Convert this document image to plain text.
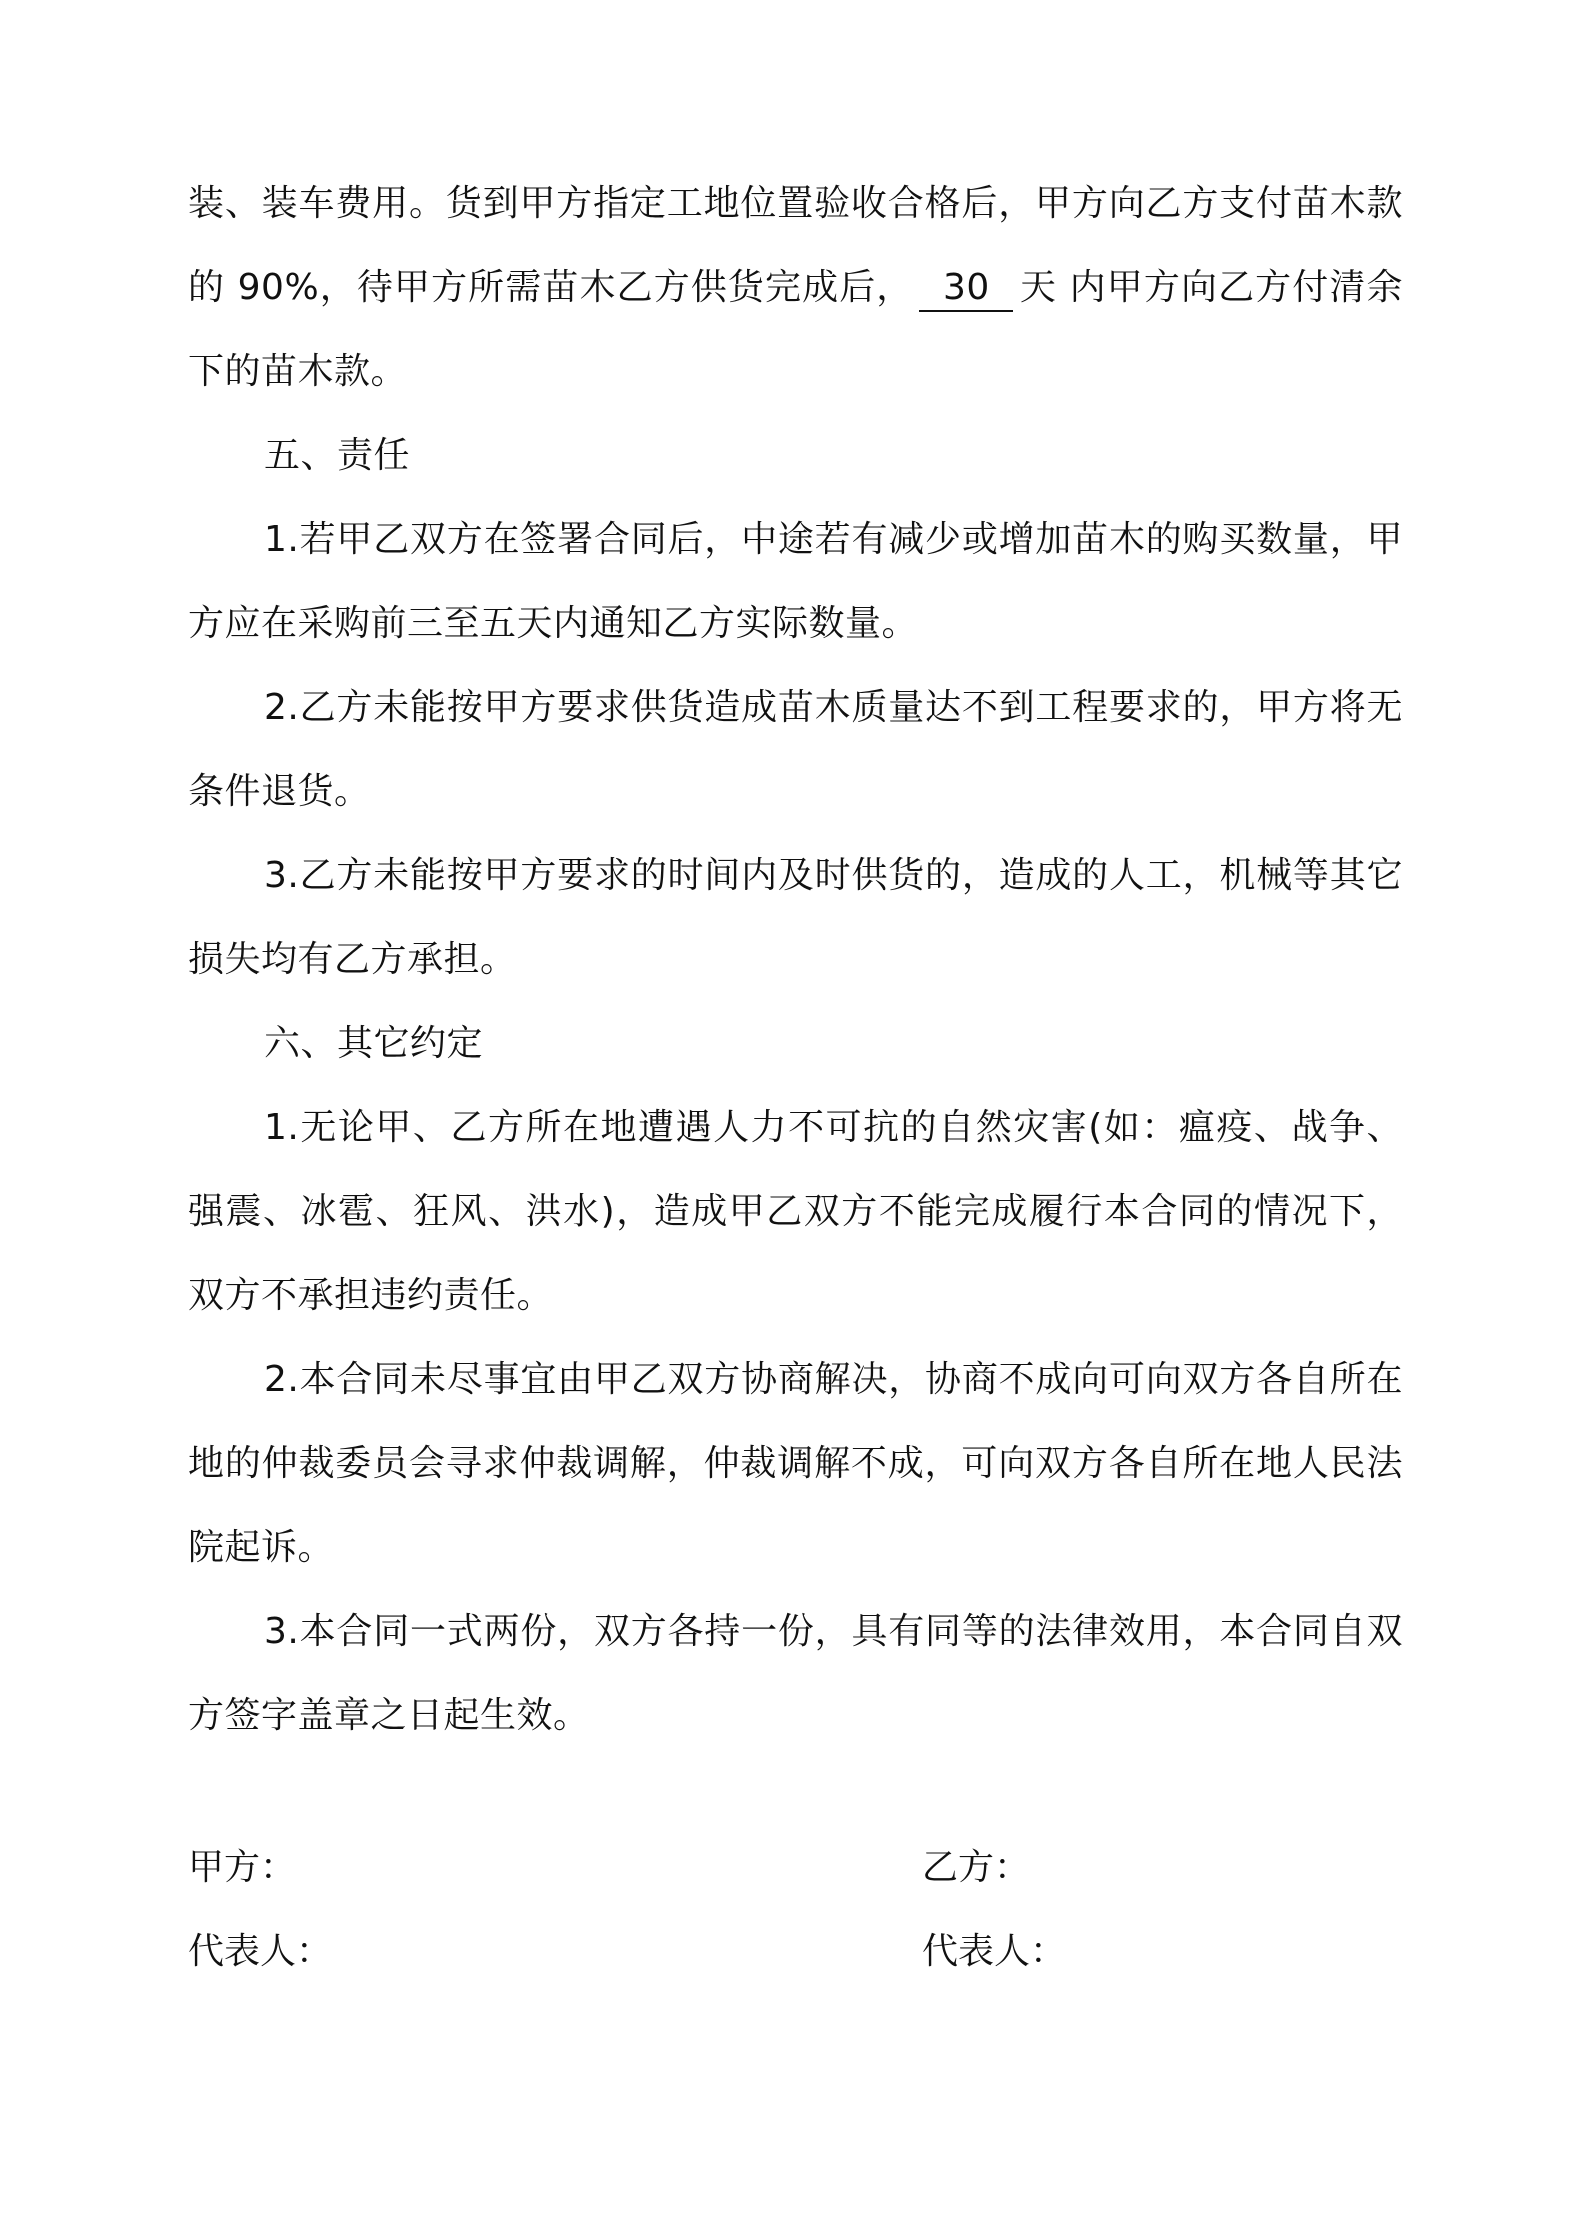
装、装车费用。货到甲方指定工地位置验收合格后，甲方向乙方支付苗木款的 90%，待甲方所需苗木乙方供货完成后， 30 天 内甲方向乙方付清余下的苗木款。

五、责任

1.若甲乙双方在签署合同后，中途若有减少或增加苗木的购买数量，甲方应在采购前三至五天内通知乙方实际数量。

2.乙方未能按甲方要求供货造成苗木质量达不到工程要求的，甲方将无条件退货。

3.乙方未能按甲方要求的时间内及时供货的，造成的人工，机械等其它损失均有乙方承担。

六、其它约定

1.无论甲、乙方所在地遭遇人力不可抗的自然灾害(如：瘟疫、战争、强震、冰雹、狂风、洪水)，造成甲乙双方不能完成履行本合同的情况下，双方不承担违约责任。

2.本合同未尽事宜由甲乙双方协商解决，协商不成向可向双方各自所在地的仲裁委员会寻求仲裁调解，仲裁调解不成，可向双方各自所在地人民法院起诉。

3.本合同一式两份，双方各持一份，具有同等的法律效用，本合同自双方签字盖章之日起生效。

甲方：	乙方：
代表人：	代表人：
